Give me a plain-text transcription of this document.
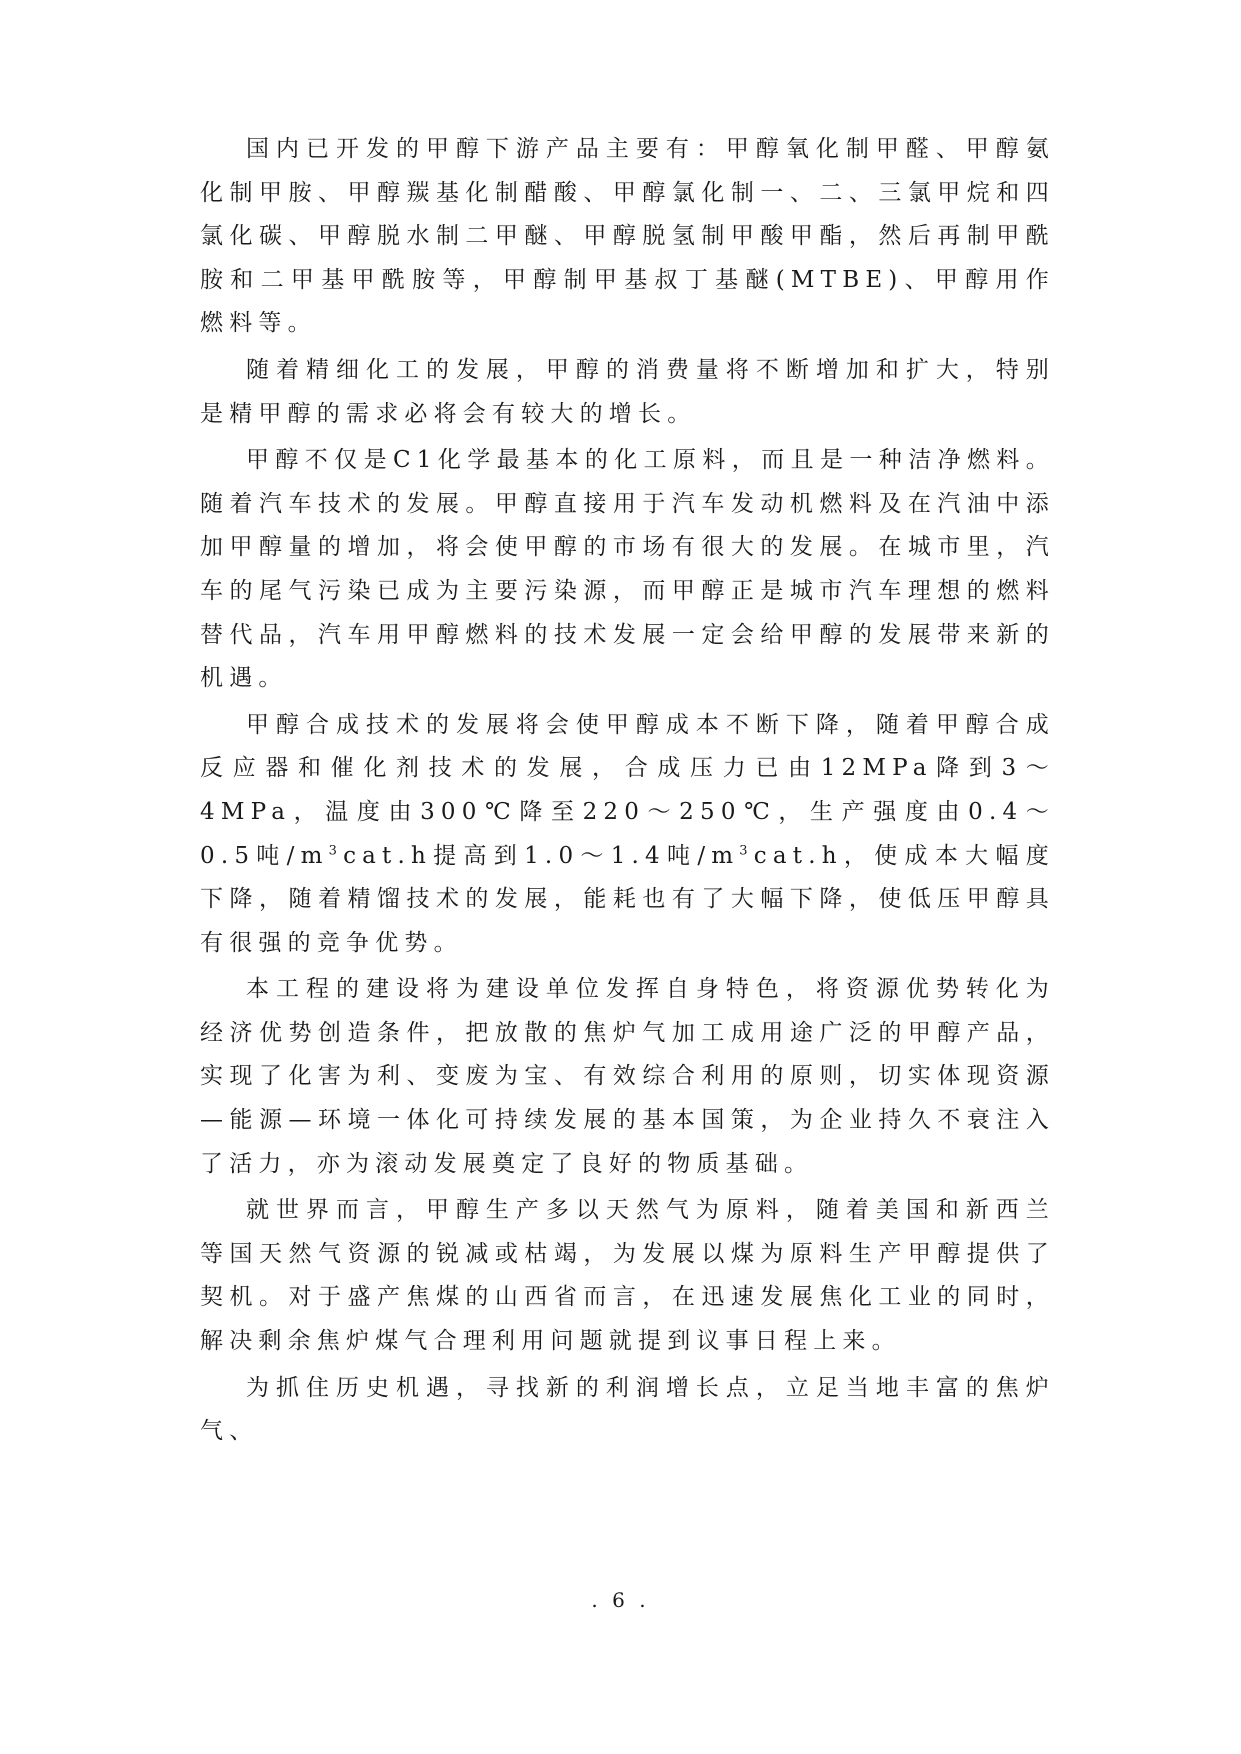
国内已开发的甲醇下游产品主要有：甲醇氧化制甲醛、甲醇氨化制甲胺、甲醇羰基化制醋酸、甲醇氯化制一、二、三氯甲烷和四氯化碳、甲醇脱水制二甲醚、甲醇脱氢制甲酸甲酯，然后再制甲酰胺和二甲基甲酰胺等，甲醇制甲基叔丁基醚(MTBE)、甲醇用作燃料等。

随着精细化工的发展，甲醇的消费量将不断增加和扩大，特别是精甲醇的需求必将会有较大的增长。

甲醇不仅是C1化学最基本的化工原料，而且是一种洁净燃料。随着汽车技术的发展。甲醇直接用于汽车发动机燃料及在汽油中添加甲醇量的增加，将会使甲醇的市场有很大的发展。在城市里，汽车的尾气污染已成为主要污染源，而甲醇正是城市汽车理想的燃料替代品，汽车用甲醇燃料的技术发展一定会给甲醇的发展带来新的机遇。

甲醇合成技术的发展将会使甲醇成本不断下降，随着甲醇合成反应器和催化剂技术的发展，合成压力已由12MPa降到3～4MPa，温度由300℃降至220～250℃，生产强度由0.4～0.5吨$/m^3cat.h$提高到1.0～1.4吨$/m^3cat.h$，使成本大幅度下降，随着精馏技术的发展，能耗也有了大幅下降，使低压甲醇具有很强的竞争优势。

本工程的建设将为建设单位发挥自身特色，将资源优势转化为经济优势创造条件，把放散的焦炉气加工成用途广泛的甲醇产品，实现了化害为利、变废为宝、有效综合利用的原则，切实体现资源—能源—环境一体化可持续发展的基本国策，为企业持久不衰注入了活力，亦为滚动发展奠定了良好的物质基础。

就世界而言，甲醇生产多以天然气为原料，随着美国和新西兰等国天然气资源的锐减或枯竭，为发展以煤为原料生产甲醇提供了契机。对于盛产焦煤的山西省而言，在迅速发展焦化工业的同时，解决剩余焦炉煤气合理利用问题就提到议事日程上来。

为抓住历史机遇，寻找新的利润增长点，立足当地丰富的焦炉气、

. 6 .
